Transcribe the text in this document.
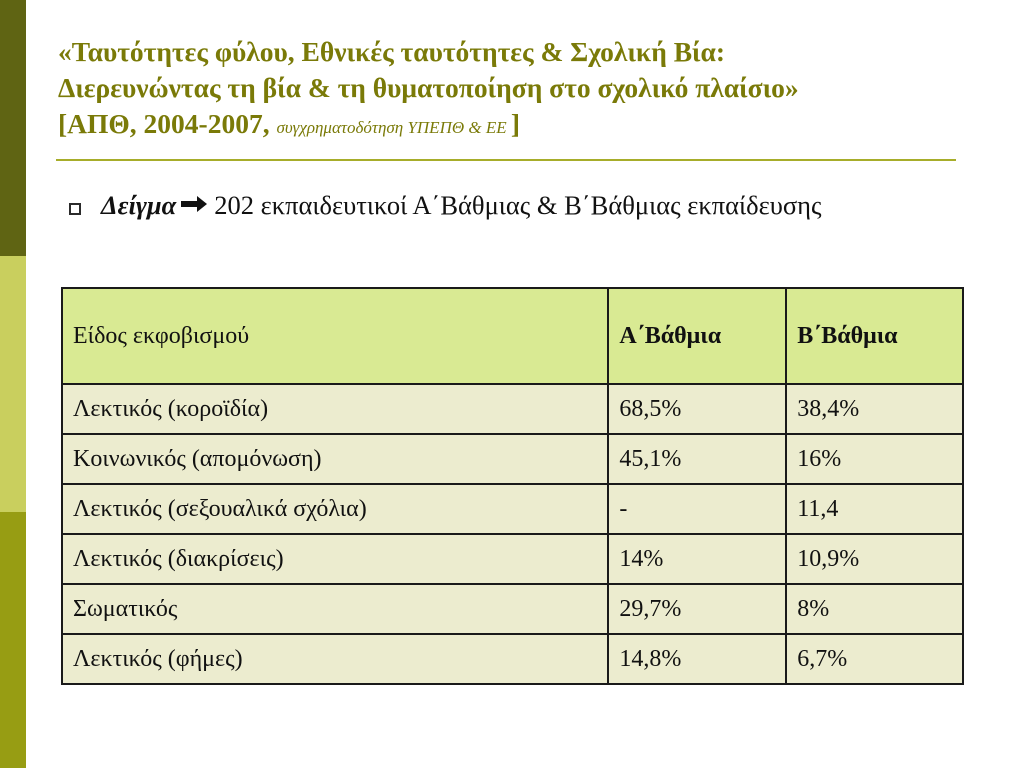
«Ταυτότητες φύλου, Εθνικές ταυτότητες & Σχολική Βία:
Διερευνώντας τη βία & τη θυματοποίηση στο σχολικό πλαίσιο»
[ΑΠΘ, 2004-2007, συγχρηματοδότηση ΥΠΕΠΘ & ΕΕ ]
Δείγμα 202 εκπαιδευτικοί Α΄Βάθμιας & Β΄Βάθμιας εκπαίδευσης
Είδος εκφοβισμού	Α΄Βάθμια	Β΄Βάθμια
Λεκτικός (κοροϊδία)	68,5%	38,4%
Κοινωνικός (απομόνωση)	45,1%	16%
Λεκτικός (σεξουαλικά σχόλια)	-	11,4
Λεκτικός (διακρίσεις)	14%	10,9%
Σωματικός	29,7%	8%
Λεκτικός (φήμες)	14,8%	6,7%
